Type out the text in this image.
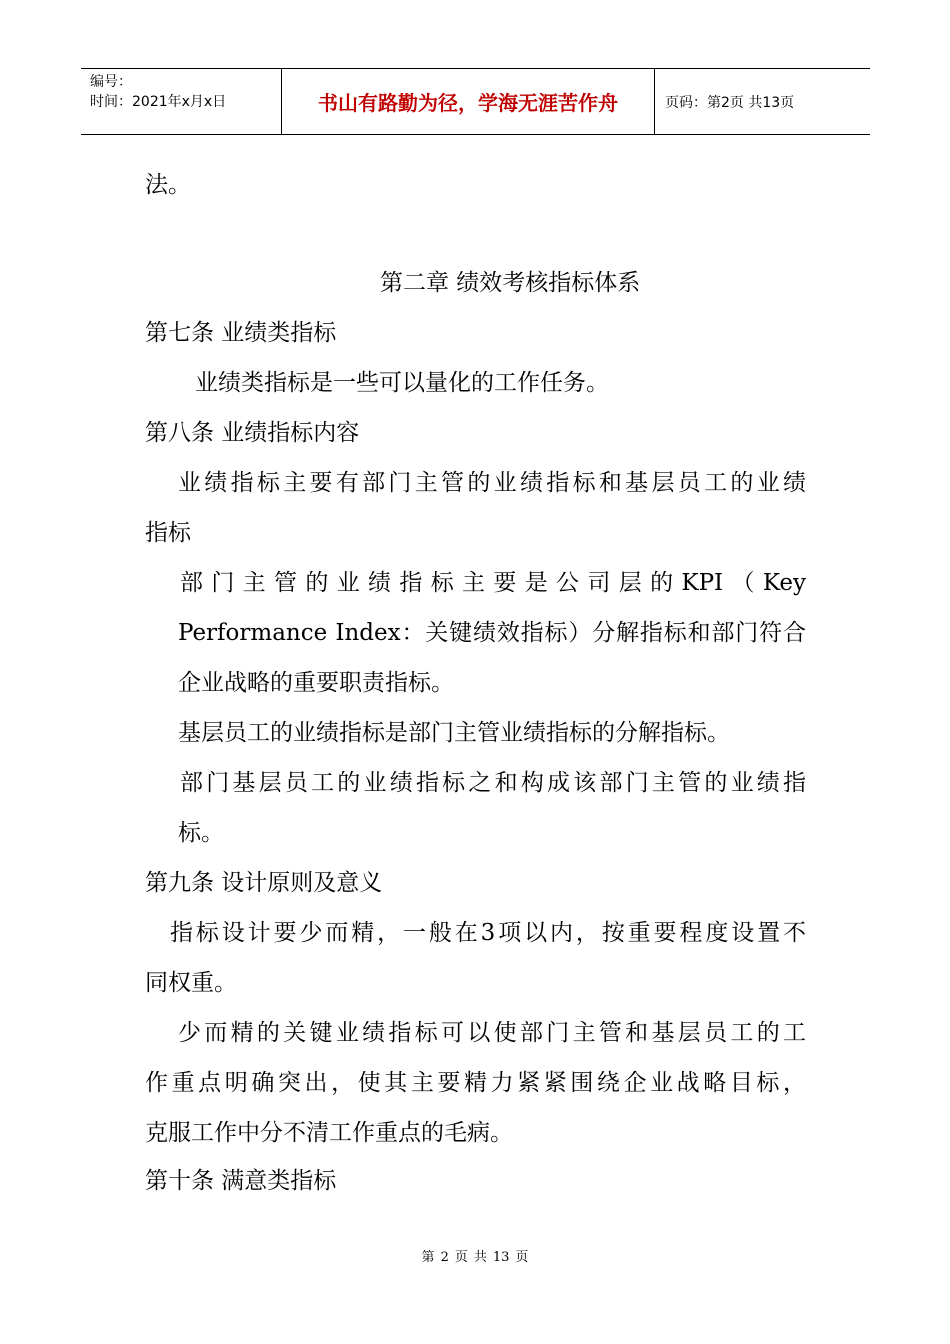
编号：
时间：2021年x月x日	书山有路勤为径，学海无涯苦作舟	页码：第2页 共13页
法。
第二章 绩效考核指标体系
第七条 业绩类指标
业绩类指标是一些可以量化的工作任务。
第八条 业绩指标内容
业绩指标主要有部门主管的业绩指标和基层员工的业绩
指标
部门主管的业绩指标主要是公司层的KPI（Key
Performance Index：关键绩效指标）分解指标和部门符合
企业战略的重要职责指标。
基层员工的业绩指标是部门主管业绩指标的分解指标。
部门基层员工的业绩指标之和构成该部门主管的业绩指
标。
第九条 设计原则及意义
指标设计要少而精，一般在3项以内，按重要程度设置不
同权重。
少而精的关键业绩指标可以使部门主管和基层员工的工
作重点明确突出，使其主要精力紧紧围绕企业战略目标，
克服工作中分不清工作重点的毛病。
第十条 满意类指标
第 2 页 共 13 页
